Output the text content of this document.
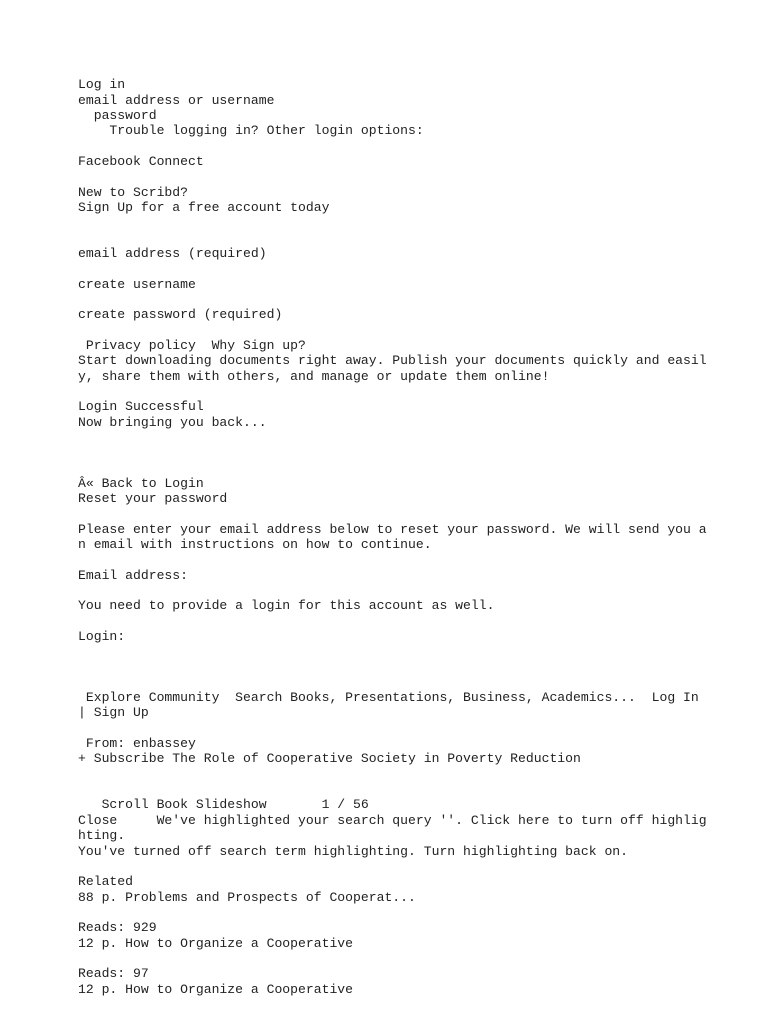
Log in

email address or username

password

Trouble logging in? Other login options:

Facebook Connect

New to Scribd?

Sign Up for a free account today

email address (required)

create username

create password (required)

Privacy policy  Why Sign up?

Start downloading documents right away. Publish your documents quickly and easil

y, share them with others, and manage or update them online!

Login Successful

Now bringing you back...

Â« Back to Login

Reset your password

Please enter your email address below to reset your password. We will send you a

n email with instructions on how to continue.

Email address:

You need to provide a login for this account as well.

Login:

Explore Community  Search Books, Presentations, Business, Academics...  Log In

| Sign Up

From: enbassey

+ Subscribe The Role of Cooperative Society in Poverty Reduction

Scroll Book Slideshow       1 / 56

Close     We've highlighted your search query ''. Click here to turn off highlig

hting.

You've turned off search term highlighting. Turn highlighting back on.

Related

88 p. Problems and Prospects of Cooperat...

Reads: 929

12 p. How to Organize a Cooperative

Reads: 97

12 p. How to Organize a Cooperative
